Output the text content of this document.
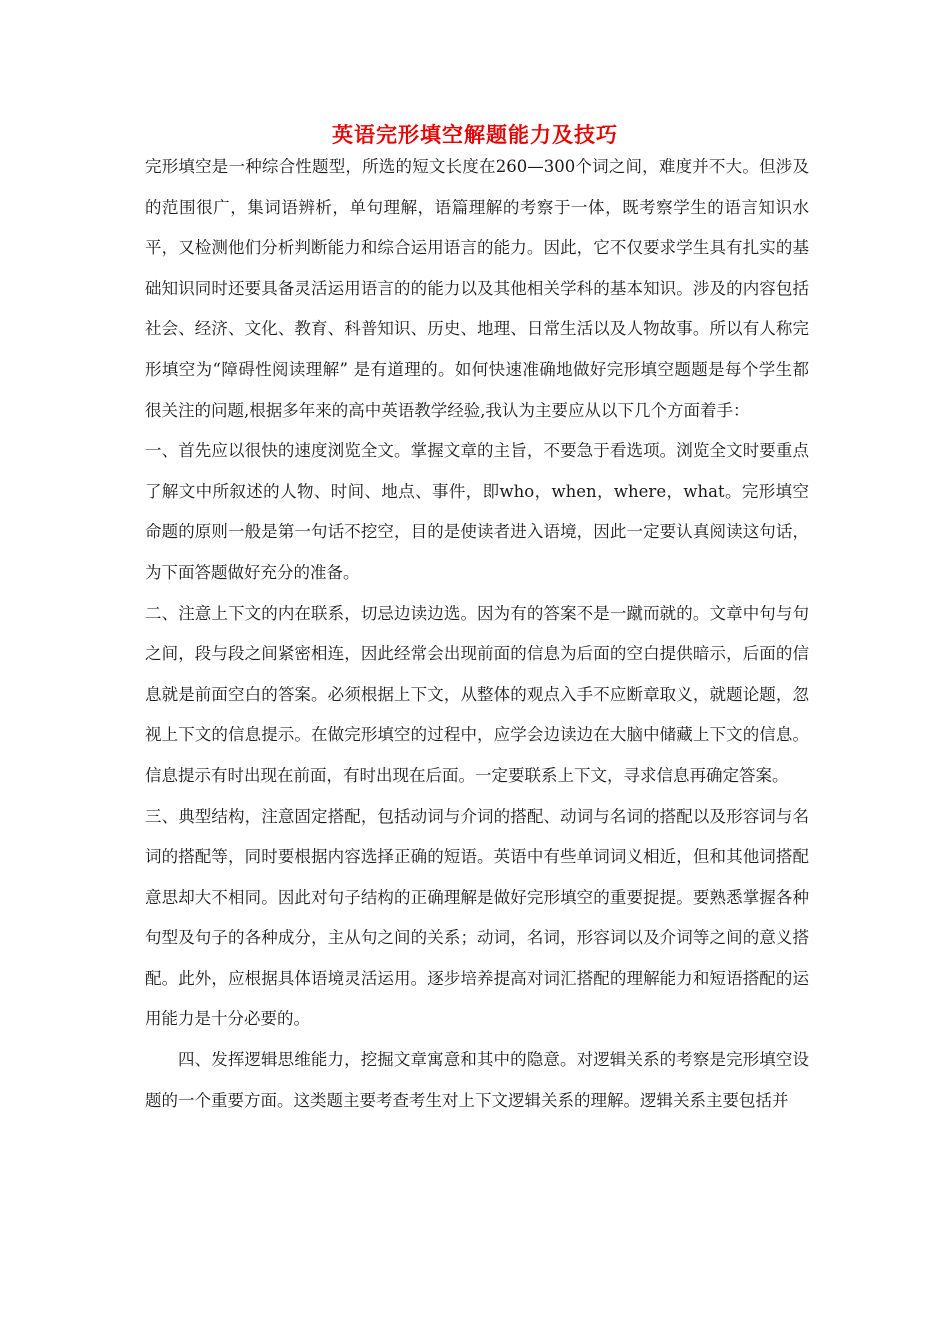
英语完形填空解题能力及技巧

完形填空是一种综合性题型，所选的短文长度在260—300个词之间，难度并不大。但涉及的范围很广，集词语辨析，单句理解，语篇理解的考察于一体，既考察学生的语言知识水平，又检测他们分析判断能力和综合运用语言的能力。因此，它不仅要求学生具有扎实的基础知识同时还要具备灵活运用语言的的能力以及其他相关学科的基本知识。涉及的内容包括社会、经济、文化、教育、科普知识、历史、地理、日常生活以及人物故事。所以有人称完形填空为“障碍性阅读理解” 是有道理的。如何快速准确地做好完形填空题题是每个学生都很关注的问题,根据多年来的高中英语教学经验,我认为主要应从以下几个方面着手：

一、首先应以很快的速度浏览全文。掌握文章的主旨，不要急于看选项。浏览全文时要重点了解文中所叙述的人物、时间、地点、事件，即who，when，where，what。完形填空命题的原则一般是第一句话不挖空，目的是使读者进入语境，因此一定要认真阅读这句话，为下面答题做好充分的准备。

二、注意上下文的内在联系，切忌边读边选。因为有的答案不是一蹴而就的。文章中句与句之间，段与段之间紧密相连，因此经常会出现前面的信息为后面的空白提供暗示，后面的信息就是前面空白的答案。必须根据上下文，从整体的观点入手不应断章取义，就题论题，忽视上下文的信息提示。在做完形填空的过程中，应学会边读边在大脑中储藏上下文的信息。信息提示有时出现在前面，有时出现在后面。一定要联系上下文，寻求信息再确定答案。

三、典型结构，注意固定搭配，包括动词与介词的搭配、动词与名词的搭配以及形容词与名词的搭配等，同时要根据内容选择正确的短语。英语中有些单词词义相近，但和其他词搭配意思却大不相同。因此对句子结构的正确理解是做好完形填空的重要捉提。要熟悉掌握各种句型及句子的各种成分，主从句之间的关系；动词，名词，形容词以及介词等之间的意义搭配。此外，应根据具体语境灵活运用。逐步培养提高对词汇搭配的理解能力和短语搭配的运用能力是十分必要的。

四、发挥逻辑思维能力，挖掘文章寓意和其中的隐意。对逻辑关系的考察是完形填空设题的一个重要方面。这类题主要考查考生对上下文逻辑关系的理解。逻辑关系主要包括并
